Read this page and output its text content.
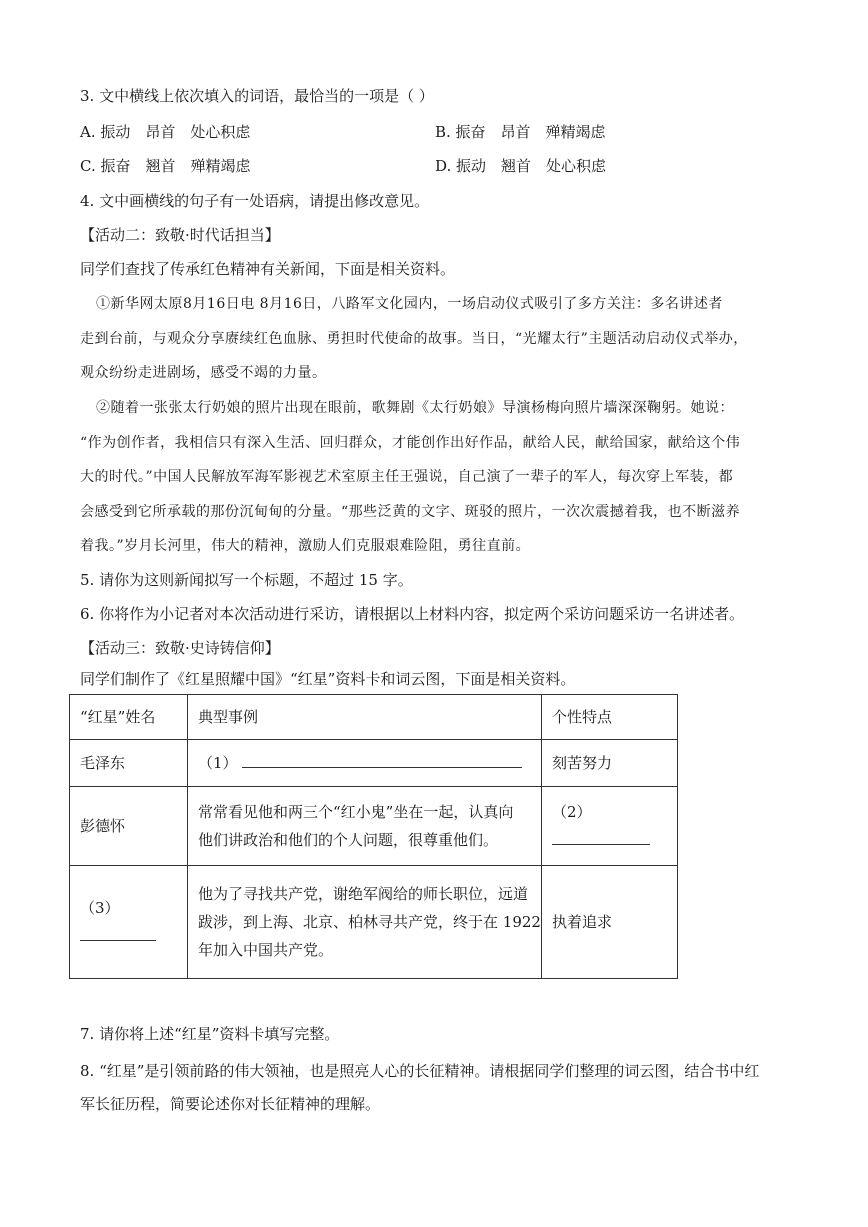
3. 文中横线上依次填入的词语，最恰当的一项是（ ）
A. 振动　昂首　处心积虑	B. 振奋　昂首　殚精竭虑
C. 振奋　翘首　殚精竭虑	D. 振动　翘首　处心积虑
4. 文中画横线的句子有一处语病，请提出修改意见。
【活动二：致敬·时代话担当】
同学们查找了传承红色精神有关新闻，下面是相关资料。
①新华网太原8月16日电 8月16日，八路军文化园内，一场启动仪式吸引了多方关注：多名讲述者
走到台前，与观众分享赓续红色血脉、勇担时代使命的故事。当日，“光耀太行”主题活动启动仪式举办，
观众纷纷走进剧场，感受不竭的力量。
②随着一张张太行奶娘的照片出现在眼前，歌舞剧《太行奶娘》导演杨梅向照片墙深深鞠躬。她说：
“作为创作者，我相信只有深入生活、回归群众，才能创作出好作品，献给人民，献给国家，献给这个伟
大的时代。”中国人民解放军海军影视艺术室原主任王强说，自己演了一辈子的军人，每次穿上军装，都
会感受到它所承载的那份沉甸甸的分量。“那些泛黄的文字、斑驳的照片，一次次震撼着我，也不断滋养
着我。”岁月长河里，伟大的精神，激励人们克服艰难险阻，勇往直前。
5. 请你为这则新闻拟写一个标题，不超过 15 字。
6. 你将作为小记者对本次活动进行采访，请根据以上材料内容，拟定两个采访问题采访一名讲述者。
【活动三：致敬·史诗铸信仰】
同学们制作了《红星照耀中国》“红星”资料卡和词云图，下面是相关资料。
“红星”姓名	典型事例	个性特点
毛泽东	（1）	刻苦努力
彭德怀	常常看见他和两三个“红小鬼”坐在一起，认真向
他们讲政治和他们的个人问题，很尊重他们。	（2）

（3）	他为了寻找共产党，谢绝军阀给的师长职位，远道
跋涉，到上海、北京、柏林寻共产党，终于在 1922
年加入中国共产党。	执着追求
7. 请你将上述“红星”资料卡填写完整。
8. “红星”是引领前路的伟大领袖，也是照亮人心的长征精神。请根据同学们整理的词云图，结合书中红
军长征历程，简要论述你对长征精神的理解。
